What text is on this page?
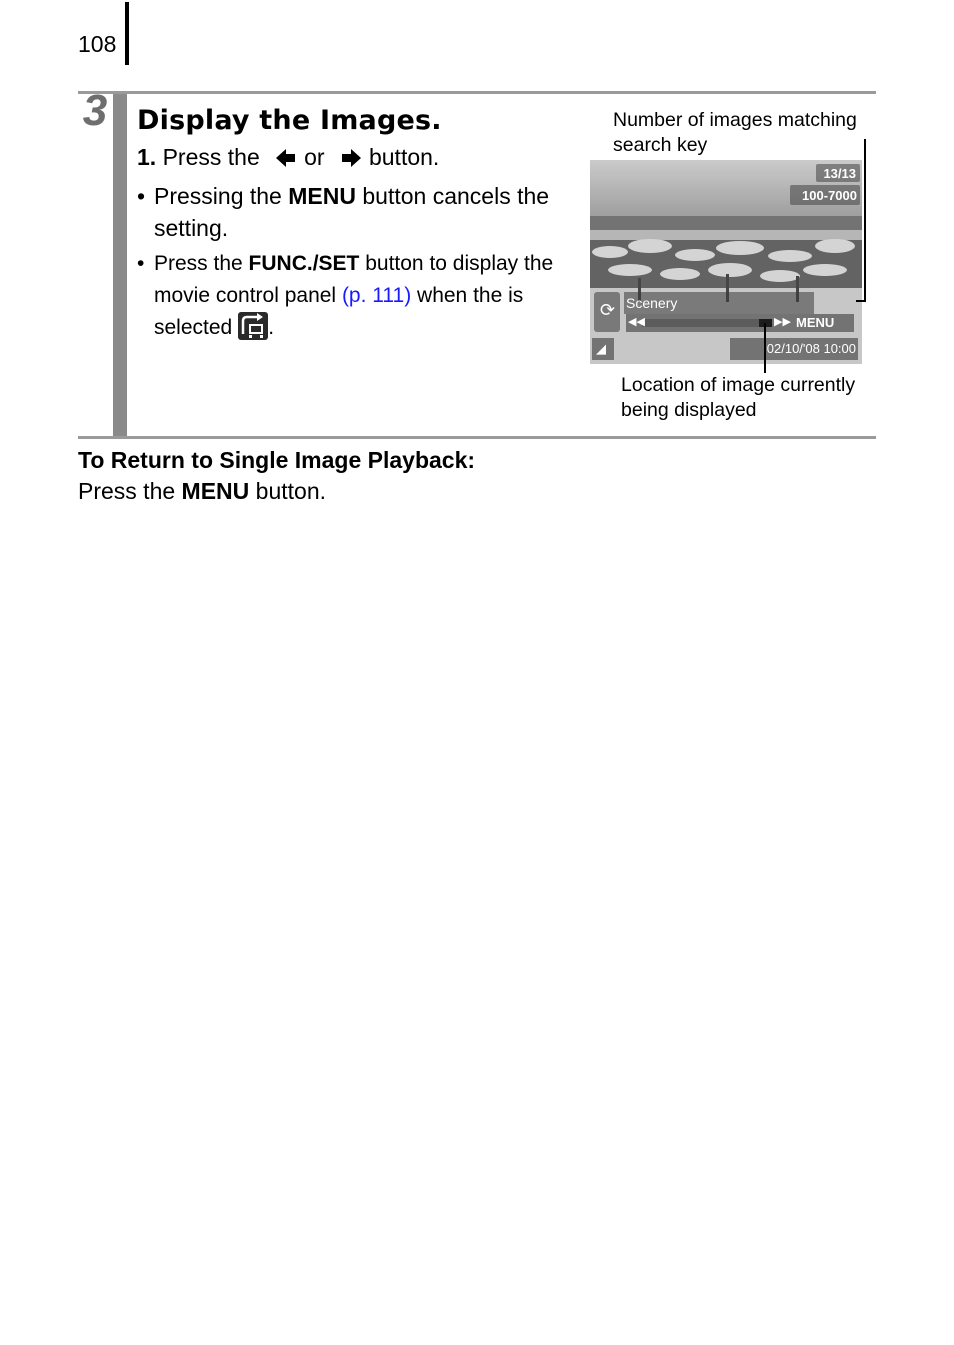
108
3 Display the Images.
1. Press the or button.
• Pressing the MENU button cancels the setting.
• Press the FUNC./SET button to display the movie control panel (p. 111) when the is selected .
Number of images matching search key
13/13
100-7000
Scenery
⟳
◀◀	▶▶ MENU
02/10/'08 10:00
◢
Location of image currently being displayed
To Return to Single Image Playback:
Press the MENU button.
